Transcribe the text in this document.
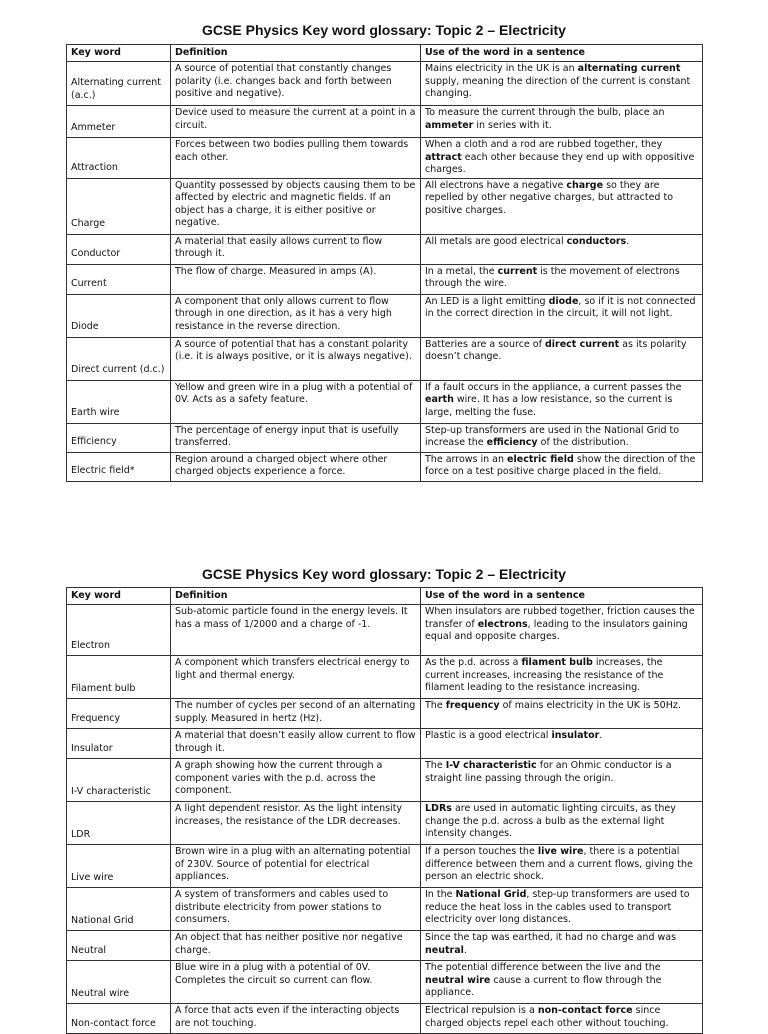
GCSE Physics Key word glossary: Topic 2 – Electricity
Key word	Definition	Use of the word in a sentence
Alternating current (a.c.)	A source of potential that constantly changes polarity (i.e. changes back and forth between positive and negative).	Mains electricity in the UK is an alternating current supply, meaning the direction of the current is constant changing.
Ammeter	Device used to measure the current at a point in a circuit.	To measure the current through the bulb, place an ammeter in series with it.
Attraction	Forces between two bodies pulling them towards each other.	When a cloth and a rod are rubbed together, they attract each other because they end up with oppositive charges.
Charge	Quantity possessed by objects causing them to be affected by electric and magnetic fields. If an object has a charge, it is either positive or negative.	All electrons have a negative charge so they are repelled by other negative charges, but attracted to positive charges.
Conductor	A material that easily allows current to flow through it.	All metals are good electrical conductors.
Current	The flow of charge. Measured in amps (A).	In a metal, the current is the movement of electrons through the wire.
Diode	A component that only allows current to flow through in one direction, as it has a very high resistance in the reverse direction.	An LED is a light emitting diode, so if it is not connected in the correct direction in the circuit, it will not light.
Direct current (d.c.)	A source of potential that has a constant polarity (i.e. it is always positive, or it is always negative).	Batteries are a source of direct current as its polarity doesn’t change.
Earth wire	Yellow and green wire in a plug with a potential of 0V. Acts as a safety feature.	If a fault occurs in the appliance, a current passes the earth wire. It has a low resistance, so the current is large, melting the fuse.
Efficiency	The percentage of energy input that is usefully transferred.	Step-up transformers are used in the National Grid to increase the efficiency of the distribution.
Electric field*	Region around a charged object where other charged objects experience a force.	The arrows in an electric field show the direction of the force on a test positive charge placed in the field.
GCSE Physics Key word glossary: Topic 2 – Electricity
Key word	Definition	Use of the word in a sentence
Electron	Sub-atomic particle found in the energy levels. It has a mass of 1/2000 and a charge of -1.	When insulators are rubbed together, friction causes the transfer of electrons, leading to the insulators gaining equal and opposite charges.
Filament bulb	A component which transfers electrical energy to light and thermal energy.	As the p.d. across a filament bulb increases, the current increases, increasing the resistance of the filament leading to the resistance increasing.
Frequency	The number of cycles per second of an alternating supply. Measured in hertz (Hz).	The frequency of mains electricity in the UK is 50Hz.
Insulator	A material that doesn’t easily allow current to flow through it.	Plastic is a good electrical insulator.
I-V characteristic	A graph showing how the current through a component varies with the p.d. across the component.	The I-V characteristic for an Ohmic conductor is a straight line passing through the origin.
LDR	A light dependent resistor. As the light intensity increases, the resistance of the LDR decreases.	LDRs are used in automatic lighting circuits, as they change the p.d. across a bulb as the external light intensity changes.
Live wire	Brown wire in a plug with an alternating potential of 230V. Source of potential for electrical appliances.	If a person touches the live wire, there is a potential difference between them and a current flows, giving the person an electric shock.
National Grid	A system of transformers and cables used to distribute electricity from power stations to consumers.	In the National Grid, step-up transformers are used to reduce the heat loss in the cables used to transport electricity over long distances.
Neutral	An object that has neither positive nor negative charge.	Since the tap was earthed, it had no charge and was neutral.
Neutral wire	Blue wire in a plug with a potential of 0V. Completes the circuit so current can flow.	The potential difference between the live and the neutral wire cause a current to flow through the appliance.
Non-contact force	A force that acts even if the interacting objects are not touching.	Electrical repulsion is a non-contact force since charged objects repel each other without touching.
